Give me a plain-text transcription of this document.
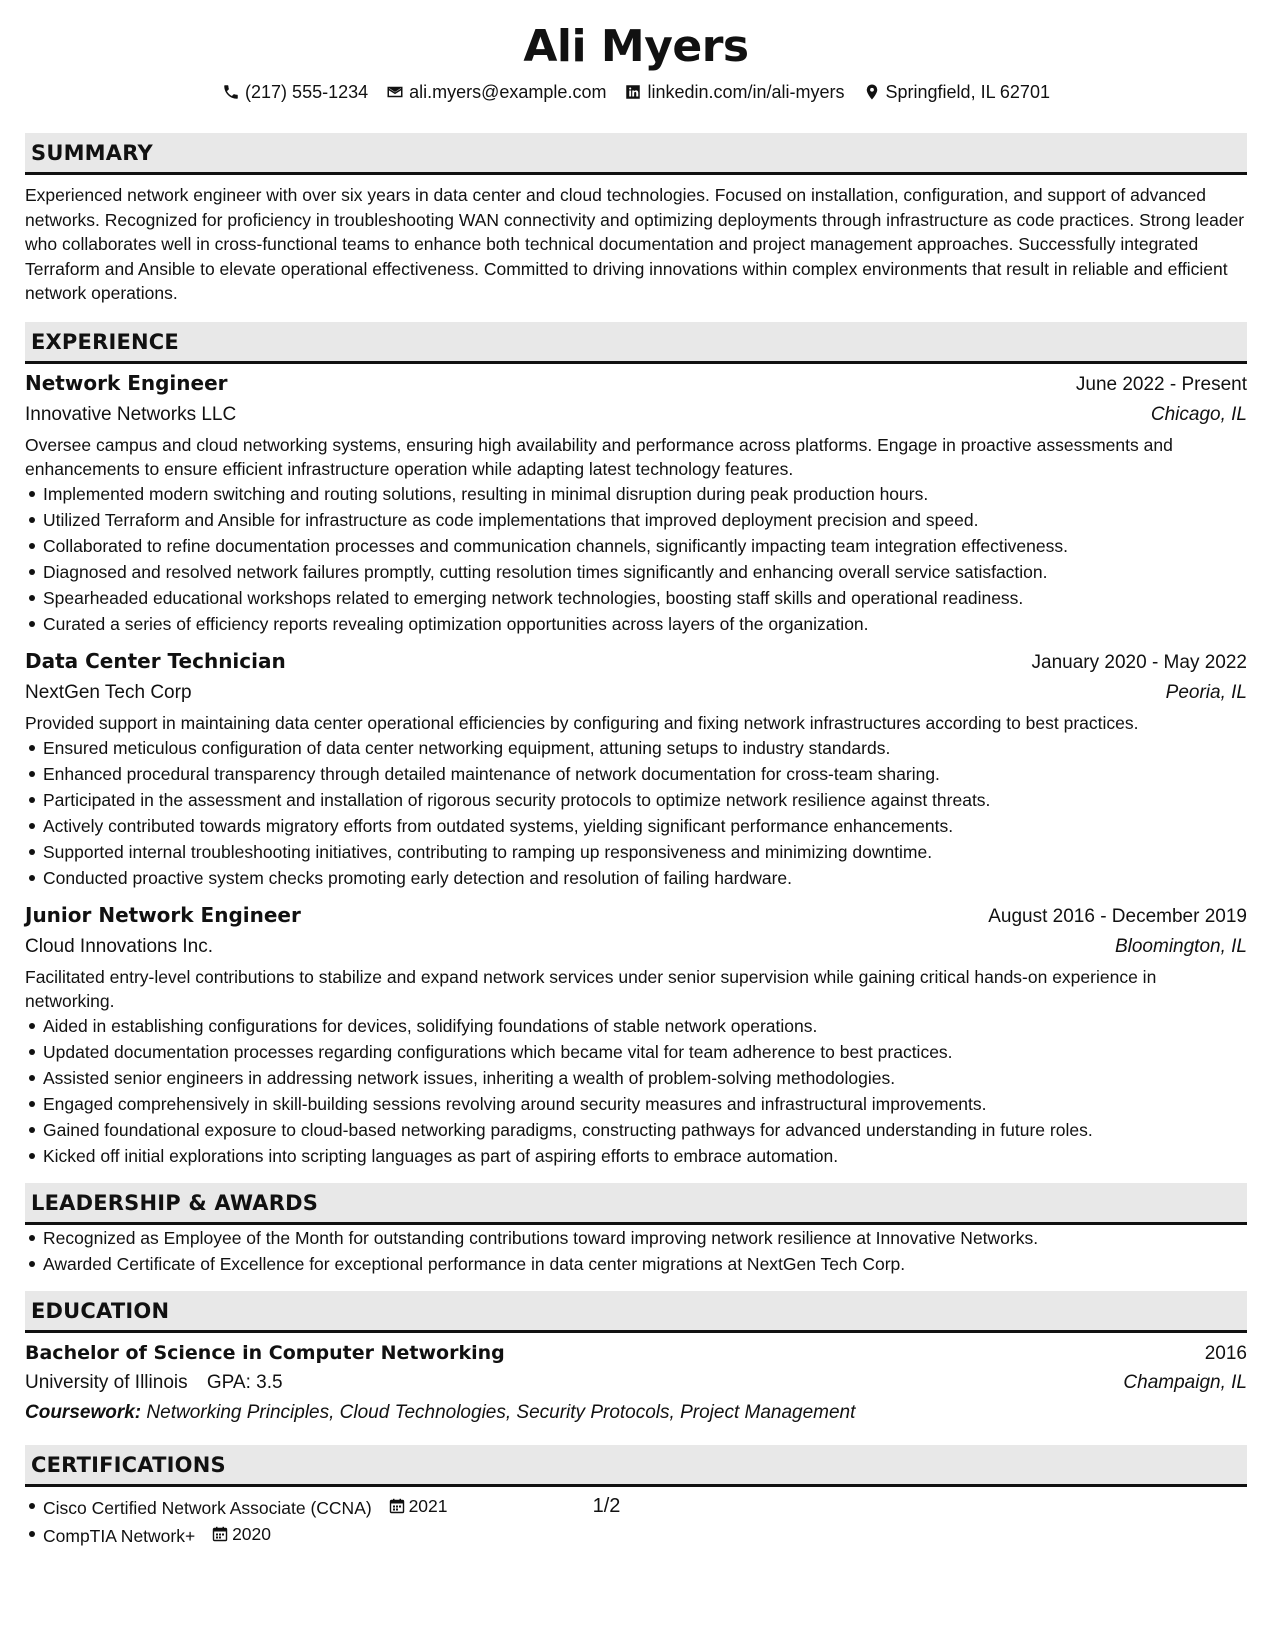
Ali Myers
(217) 555-1234 ali.myers@example.com linkedin.com/in/ali-myers Springfield, IL 62701
SUMMARY
Experienced network engineer with over six years in data center and cloud technologies. Focused on installation, configuration, and support of advanced networks. Recognized for proficiency in troubleshooting WAN connectivity and optimizing deployments through infrastructure as code practices. Strong leader who collaborates well in cross-functional teams to enhance both technical documentation and project management approaches. Successfully integrated Terraform and Ansible to elevate operational effectiveness. Committed to driving innovations within complex environments that result in reliable and efficient network operations.
EXPERIENCE
Network Engineer	June 2022 - Present
Innovative Networks LLC	Chicago, IL
Oversee campus and cloud networking systems, ensuring high availability and performance across platforms. Engage in proactive assessments and enhancements to ensure efficient infrastructure operation while adapting latest technology features.
Implemented modern switching and routing solutions, resulting in minimal disruption during peak production hours.
Utilized Terraform and Ansible for infrastructure as code implementations that improved deployment precision and speed.
Collaborated to refine documentation processes and communication channels, significantly impacting team integration effectiveness.
Diagnosed and resolved network failures promptly, cutting resolution times significantly and enhancing overall service satisfaction.
Spearheaded educational workshops related to emerging network technologies, boosting staff skills and operational readiness.
Curated a series of efficiency reports revealing optimization opportunities across layers of the organization.
Data Center Technician	January 2020 - May 2022
NextGen Tech Corp	Peoria, IL
Provided support in maintaining data center operational efficiencies by configuring and fixing network infrastructures according to best practices.
Ensured meticulous configuration of data center networking equipment, attuning setups to industry standards.
Enhanced procedural transparency through detailed maintenance of network documentation for cross-team sharing.
Participated in the assessment and installation of rigorous security protocols to optimize network resilience against threats.
Actively contributed towards migratory efforts from outdated systems, yielding significant performance enhancements.
Supported internal troubleshooting initiatives, contributing to ramping up responsiveness and minimizing downtime.
Conducted proactive system checks promoting early detection and resolution of failing hardware.
Junior Network Engineer	August 2016 - December 2019
Cloud Innovations Inc.	Bloomington, IL
Facilitated entry-level contributions to stabilize and expand network services under senior supervision while gaining critical hands-on experience in networking.
Aided in establishing configurations for devices, solidifying foundations of stable network operations.
Updated documentation processes regarding configurations which became vital for team adherence to best practices.
Assisted senior engineers in addressing network issues, inheriting a wealth of problem-solving methodologies.
Engaged comprehensively in skill-building sessions revolving around security measures and infrastructural improvements.
Gained foundational exposure to cloud-based networking paradigms, constructing pathways for advanced understanding in future roles.
Kicked off initial explorations into scripting languages as part of aspiring efforts to embrace automation.
LEADERSHIP & AWARDS
Recognized as Employee of the Month for outstanding contributions toward improving network resilience at Innovative Networks.
Awarded Certificate of Excellence for exceptional performance in data center migrations at NextGen Tech Corp.
EDUCATION
Bachelor of Science in Computer Networking	2016
University of Illinois GPA: 3.5	Champaign, IL
Coursework: Networking Principles, Cloud Technologies, Security Protocols, Project Management
CERTIFICATIONS
Cisco Certified Network Associate (CCNA) 2021
CompTIA Network+ 2020
1/2
